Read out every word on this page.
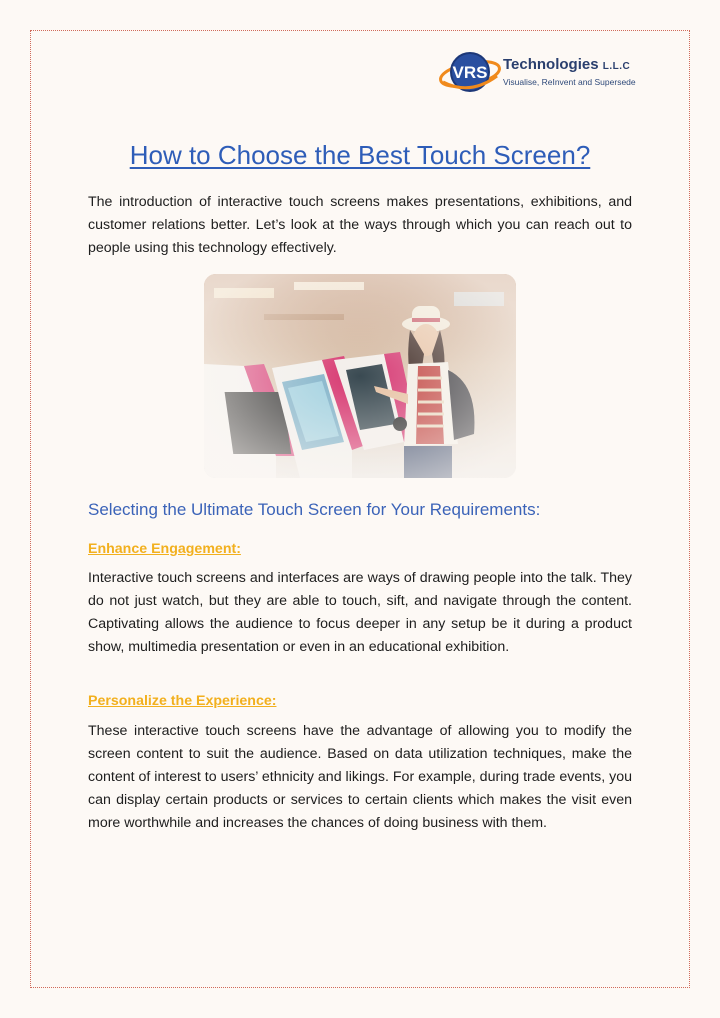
VRS Technologies L.L.C
Visualise, ReInvent and Supersede
How to Choose the Best Touch Screen?

The introduction of interactive touch screens makes presentations, exhibitions, and customer relations better. Let’s look at the ways through which you can reach out to people using this technology effectively.

Selecting the Ultimate Touch Screen for Your Requirements:
Enhance Engagement:

Interactive touch screens and interfaces are ways of drawing people into the talk. They do not just watch, but they are able to touch, sift, and navigate through the content. Captivating allows the audience to focus deeper in any setup be it during a product show, multimedia presentation or even in an educational exhibition.

Personalize the Experience:

These interactive touch screens have the advantage of allowing you to modify the screen content to suit the audience. Based on data utilization techniques, make the content of interest to users’ ethnicity and likings. For example, during trade events, you can display certain products or services to certain clients which makes the visit even more worthwhile and increases the chances of doing business with them.
